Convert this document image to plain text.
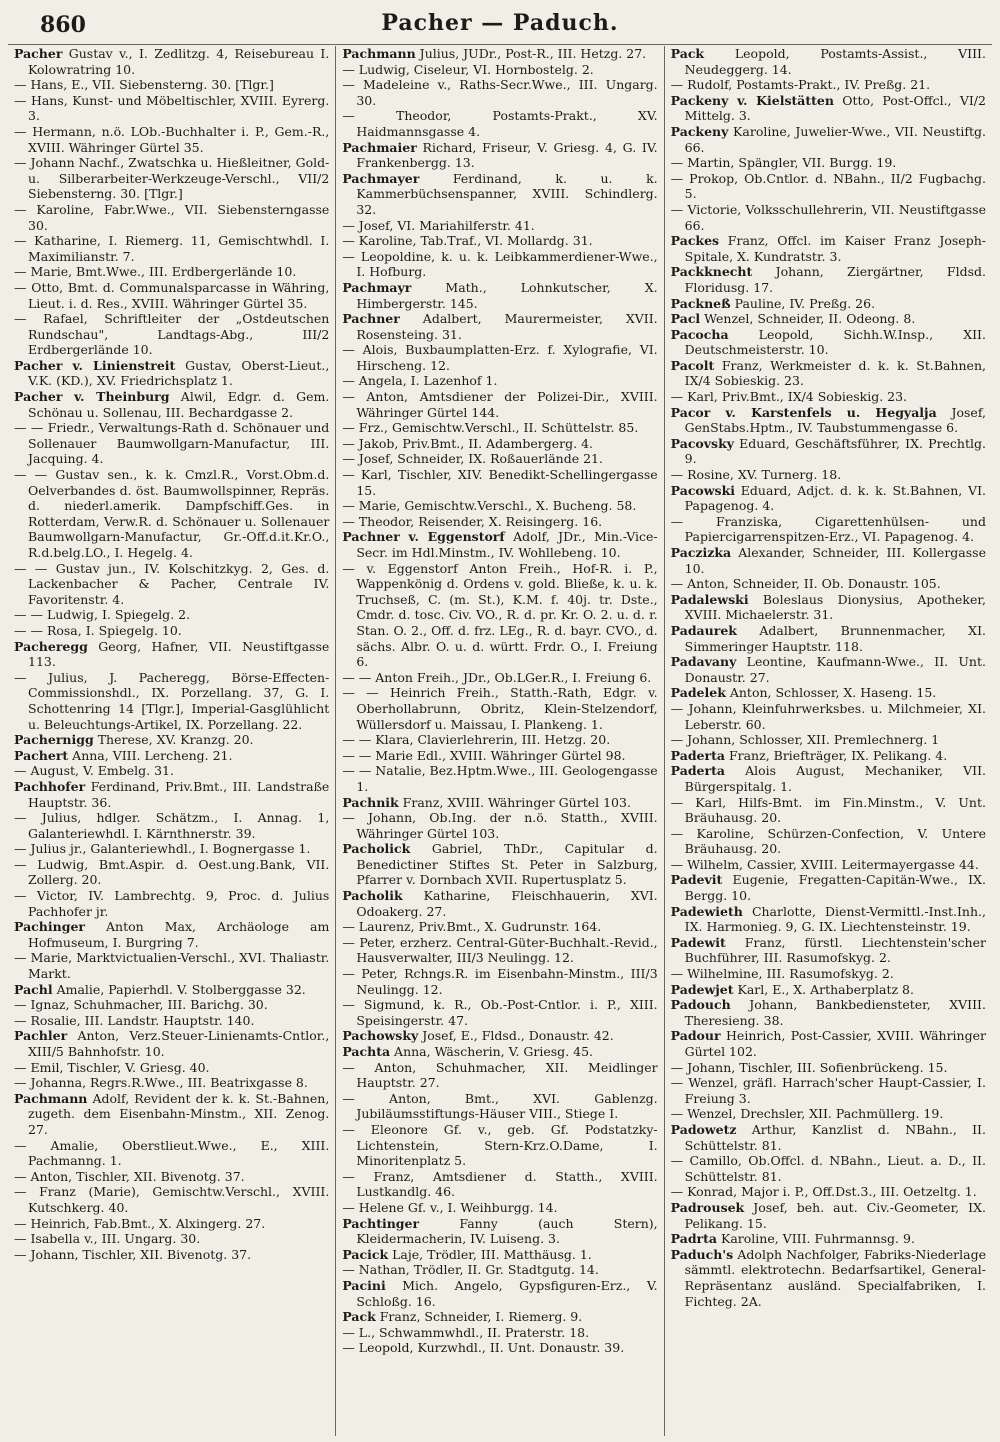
860	Pacher — Paduch.

Pacher Gustav v., I. Zedlitzg. 4, Reisebureau I. Kolowratring 10.

— Hans, E., VII. Siebensterng. 30. [Tlgr.]

— Hans, Kunst- und Möbeltischler, XVIII. Eyrerg. 3.

— Hermann, n.ö. LOb.-Buchhalter i. P., Gem.-R., XVIII. Währinger Gürtel 35.

— Johann Nachf., Zwatschka u. Hießleitner, Gold- u. Silberarbeiter-Werkzeuge-Verschl., VII/2 Siebensterng. 30. [Tlgr.]

— Karoline, Fabr.Wwe., VII. Siebensterngasse 30.

— Katharine, I. Riemerg. 11, Gemischtwhdl. I. Maximilianstr. 7.

— Marie, Bmt.Wwe., III. Erdbergerlände 10.

— Otto, Bmt. d. Communalsparcasse in Währing, Lieut. i. d. Res., XVIII. Währinger Gürtel 35.

— Rafael, Schriftleiter der „Ostdeutschen Rundschau", Landtags-Abg., III/2 Erdbergerlände 10.

Pacher v. Linienstreit Gustav, Oberst-Lieut., V.K. (KD.), XV. Friedrichsplatz 1.

Pacher v. Theinburg Alwil, Edgr. d. Gem. Schönau u. Sollenau, III. Bechardgasse 2.

— — Friedr., Verwaltungs-Rath d. Schönauer und Sollenauer Baumwollgarn-Manufactur, III. Jacquing. 4.

— — Gustav sen., k. k. Cmzl.R., Vorst.Obm.d. Oelverbandes d. öst. Baumwollspinner, Repräs. d. niederl.amerik. Dampfschiff.Ges. in Rotterdam, Verw.R. d. Schönauer u. Sollenauer Baumwollgarn-Manufactur, Gr.-Off.d.it.Kr.O., R.d.belg.LO., I. Hegelg. 4.

— — Gustav jun., IV. Kolschitzkyg. 2, Ges. d. Lackenbacher & Pacher, Centrale IV. Favoritenstr. 4.

— — Ludwig, I. Spiegelg. 2.

— — Rosa, I. Spiegelg. 10.

Pacheregg Georg, Hafner, VII. Neustiftgasse 113.

— Julius, J. Pacheregg, Börse-Effecten-Commissionshdl., IX. Porzellang. 37, G. I. Schottenring 14 [Tlgr.], Imperial-Gasglühlicht u. Beleuchtungs-Artikel, IX. Porzellang. 22.

Pachernigg Therese, XV. Kranzg. 20.

Pachert Anna, VIII. Lercheng. 21.

— August, V. Embelg. 31.

Pachhofer Ferdinand, Priv.Bmt., III. Landstraße Hauptstr. 36.

— Julius, hdlger. Schätzm., I. Annag. 1, Galanteriewhdl. I. Kärnthnerstr. 39.

— Julius jr., Galanteriewhdl., I. Bognergasse 1.

— Ludwig, Bmt.Aspir. d. Oest.ung.Bank, VII. Zollerg. 20.

— Victor, IV. Lambrechtg. 9, Proc. d. Julius Pachhofer jr.

Pachinger Anton Max, Archäologe am Hofmuseum, I. Burgring 7.

— Marie, Marktvictualien-Verschl., XVI. Thaliastr. Markt.

Pachl Amalie, Papierhdl. V. Stolberggasse 32.

— Ignaz, Schuhmacher, III. Barichg. 30.

— Rosalie, III. Landstr. Hauptstr. 140.

Pachler Anton, Verz.Steuer-Linienamts-Cntlor., XIII/5 Bahnhofstr. 10.

— Emil, Tischler, V. Griesg. 40.

— Johanna, Regrs.R.Wwe., III. Beatrixgasse 8.

Pachmann Adolf, Revident der k. k. St.-Bahnen, zugeth. dem Eisenbahn-Minstm., XII. Zenog. 27.

— Amalie, Oberstlieut.Wwe., E., XIII. Pachmanng. 1.

— Anton, Tischler, XII. Bivenotg. 37.

— Franz (Marie), Gemischtw.Verschl., XVIII. Kutschkerg. 40.

— Heinrich, Fab.Bmt., X. Alxingerg. 27.

— Isabella v., III. Ungarg. 30.

— Johann, Tischler, XII. Bivenotg. 37.

Pachmann Julius, JUDr., Post-R., III. Hetzg. 27.

— Ludwig, Ciseleur, VI. Hornbostelg. 2.

— Madeleine v., Raths-Secr.Wwe., III. Ungarg. 30.

— Theodor, Postamts-Prakt., XV. Haidmannsgasse 4.

Pachmaier Richard, Friseur, V. Griesg. 4, G. IV. Frankenbergg. 13.

Pachmayer Ferdinand, k. u. k. Kammerbüchsenspanner, XVIII. Schindlerg. 32.

— Josef, VI. Mariahilferstr. 41.

— Karoline, Tab.Traf., VI. Mollardg. 31.

— Leopoldine, k. u. k. Leibkammerdiener-Wwe., I. Hofburg.

Pachmayr Math., Lohnkutscher, X. Himbergerstr. 145.

Pachner Adalbert, Maurermeister, XVII. Rosensteing. 31.

— Alois, Buxbaumplatten-Erz. f. Xylografie, VI. Hirscheng. 12.

— Angela, I. Lazenhof 1.

— Anton, Amtsdiener der Polizei-Dir., XVIII. Währinger Gürtel 144.

— Frz., Gemischtw.Verschl., II. Schüttelstr. 85.

— Jakob, Priv.Bmt., II. Adambergerg. 4.

— Josef, Schneider, IX. Roßauerlände 21.

— Karl, Tischler, XIV. Benedikt-Schellingergasse 15.

— Marie, Gemischtw.Verschl., X. Bucheng. 58.

— Theodor, Reisender, X. Reisingerg. 16.

Pachner v. Eggenstorf Adolf, JDr., Min.-Vice-Secr. im Hdl.Minstm., IV. Wohllebeng. 10.

— v. Eggenstorf Anton Freih., Hof-R. i. P., Wappenkönig d. Ordens v. gold. Bließe, k. u. k. Truchseß, C. (m. St.), K.M. f. 40j. tr. Dste., Cmdr. d. tosc. Civ. VO., R. d. pr. Kr. O. 2. u. d. r. Stan. O. 2., Off. d. frz. LEg., R. d. bayr. CVO., d. sächs. Albr. O. u. d. württ. Frdr. O., I. Freiung 6.

— — Anton Freih., JDr., Ob.LGer.R., I. Freiung 6.

— — Heinrich Freih., Statth.-Rath, Edgr. v. Oberhollabrunn, Obritz, Klein-Stelzendorf, Wüllersdorf u. Maissau, I. Plankeng. 1.

— — Klara, Clavierlehrerin, III. Hetzg. 20.

— — Marie Edl., XVIII. Währinger Gürtel 98.

— — Natalie, Bez.Hptm.Wwe., III. Geologengasse 1.

Pachnik Franz, XVIII. Währinger Gürtel 103.

— Johann, Ob.Ing. der n.ö. Statth., XVIII. Währinger Gürtel 103.

Pacholick Gabriel, ThDr., Capitular d. Benedictiner Stiftes St. Peter in Salzburg, Pfarrer v. Dornbach XVII. Rupertusplatz 5.

Pacholik Katharine, Fleischhauerin, XVI. Odoakerg. 27.

— Laurenz, Priv.Bmt., X. Gudrunstr. 164.

— Peter, erzherz. Central-Güter-Buchhalt.-Revid., Hausverwalter, III/3 Neulingg. 12.

— Peter, Rchngs.R. im Eisenbahn-Minstm., III/3 Neulingg. 12.

— Sigmund, k. R., Ob.-Post-Cntlor. i. P., XIII. Speisingerstr. 47.

Pachowsky Josef, E., Fldsd., Donaustr. 42.

Pachta Anna, Wäscherin, V. Griesg. 45.

— Anton, Schuhmacher, XII. Meidlinger Hauptstr. 27.

— Anton, Bmt., XVI. Gablenzg. Jubiläumsstiftungs-Häuser VIII., Stiege I.

— Eleonore Gf. v., geb. Gf. Podstatzky-Lichtenstein, Stern-Krz.O.Dame, I. Minoritenplatz 5.

— Franz, Amtsdiener d. Statth., XVIII. Lustkandlg. 46.

— Helene Gf. v., I. Weihburgg. 14.

Pachtinger Fanny (auch Stern), Kleidermacherin, IV. Luiseng. 3.

Pacick Laje, Trödler, III. Matthäusg. 1.

— Nathan, Trödler, II. Gr. Stadtgutg. 14.

Pacini Mich. Angelo, Gypsfiguren-Erz., V. Schloßg. 16.

Pack Franz, Schneider, I. Riemerg. 9.

— L., Schwammwhdl., II. Praterstr. 18.

— Leopold, Kurzwhdl., II. Unt. Donaustr. 39.

Pack Leopold, Postamts-Assist., VIII. Neudeggerg. 14.

— Rudolf, Postamts-Prakt., IV. Preßg. 21.

Packeny v. Kielstätten Otto, Post-Offcl., VI/2 Mittelg. 3.

Packeny Karoline, Juwelier-Wwe., VII. Neustiftg. 66.

— Martin, Spängler, VII. Burgg. 19.

— Prokop, Ob.Cntlor. d. NBahn., II/2 Fugbachg. 5.

— Victorie, Volksschullehrerin, VII. Neustiftgasse 66.

Packes Franz, Offcl. im Kaiser Franz Joseph-Spitale, X. Kundratstr. 3.

Packknecht Johann, Ziergärtner, Fldsd. Floridusg. 17.

Packneß Pauline, IV. Preßg. 26.

Pacl Wenzel, Schneider, II. Odeong. 8.

Pacocha Leopold, Sichh.W.Insp., XII. Deutschmeisterstr. 10.

Pacolt Franz, Werkmeister d. k. k. St.Bahnen, IX/4 Sobieskig. 23.

— Karl, Priv.Bmt., IX/4 Sobieskig. 23.

Pacor v. Karstenfels u. Hegyalja Josef, GenStabs.Hptm., IV. Taubstummengasse 6.

Pacovsky Eduard, Geschäftsführer, IX. Prechtlg. 9.

— Rosine, XV. Turnerg. 18.

Pacowski Eduard, Adjct. d. k. k. St.Bahnen, VI. Papagenog. 4.

— Franziska, Cigarettenhülsen- und Papiercigarrenspitzen-Erz., VI. Papagenog. 4.

Paczizka Alexander, Schneider, III. Kollergasse 10.

— Anton, Schneider, II. Ob. Donaustr. 105.

Padalewski Boleslaus Dionysius, Apotheker, XVIII. Michaelerstr. 31.

Padaurek Adalbert, Brunnenmacher, XI. Simmeringer Hauptstr. 118.

Padavany Leontine, Kaufmann-Wwe., II. Unt. Donaustr. 27.

Padelek Anton, Schlosser, X. Haseng. 15.

— Johann, Kleinfuhrwerksbes. u. Milchmeier, XI. Leberstr. 60.

— Johann, Schlosser, XII. Premlechnerg. 1

Paderta Franz, Briefträger, IX. Pelikang. 4.

Paderta Alois August, Mechaniker, VII. Bürgerspitalg. 1.

— Karl, Hilfs-Bmt. im Fin.Minstm., V. Unt. Bräuhausg. 20.

— Karoline, Schürzen-Confection, V. Untere Bräuhausg. 20.

— Wilhelm, Cassier, XVIII. Leitermayergasse 44.

Padevit Eugenie, Fregatten-Capitän-Wwe., IX. Bergg. 10.

Padewieth Charlotte, Dienst-Vermittl.-Inst.Inh., IX. Harmonieg. 9, G. IX. Liechtensteinstr. 19.

Padewit Franz, fürstl. Liechtenstein'scher Buchführer, III. Rasumofskyg. 2.

— Wilhelmine, III. Rasumofskyg. 2.

Padewjet Karl, E., X. Arthaberplatz 8.

Padouch Johann, Bankbediensteter, XVIII. Theresieng. 38.

Padour Heinrich, Post-Cassier, XVIII. Währinger Gürtel 102.

— Johann, Tischler, III. Sofienbrückeng. 15.

— Wenzel, gräfl. Harrach'scher Haupt-Cassier, I. Freiung 3.

— Wenzel, Drechsler, XII. Pachmüllerg. 19.

Padowetz Arthur, Kanzlist d. NBahn., II. Schüttelstr. 81.

— Camillo, Ob.Offcl. d. NBahn., Lieut. a. D., II. Schüttelstr. 81.

— Konrad, Major i. P., Off.Dst.3., III. Oetzeltg. 1.

Padrousek Josef, beh. aut. Civ.-Geometer, IX. Pelikang. 15.

Padrta Karoline, VIII. Fuhrmannsg. 9.

Paduch's Adolph Nachfolger, Fabriks-Niederlage sämmtl. elektrotechn. Bedarfsartikel, General-Repräsentanz ausländ. Specialfabriken, I. Fichteg. 2A.
